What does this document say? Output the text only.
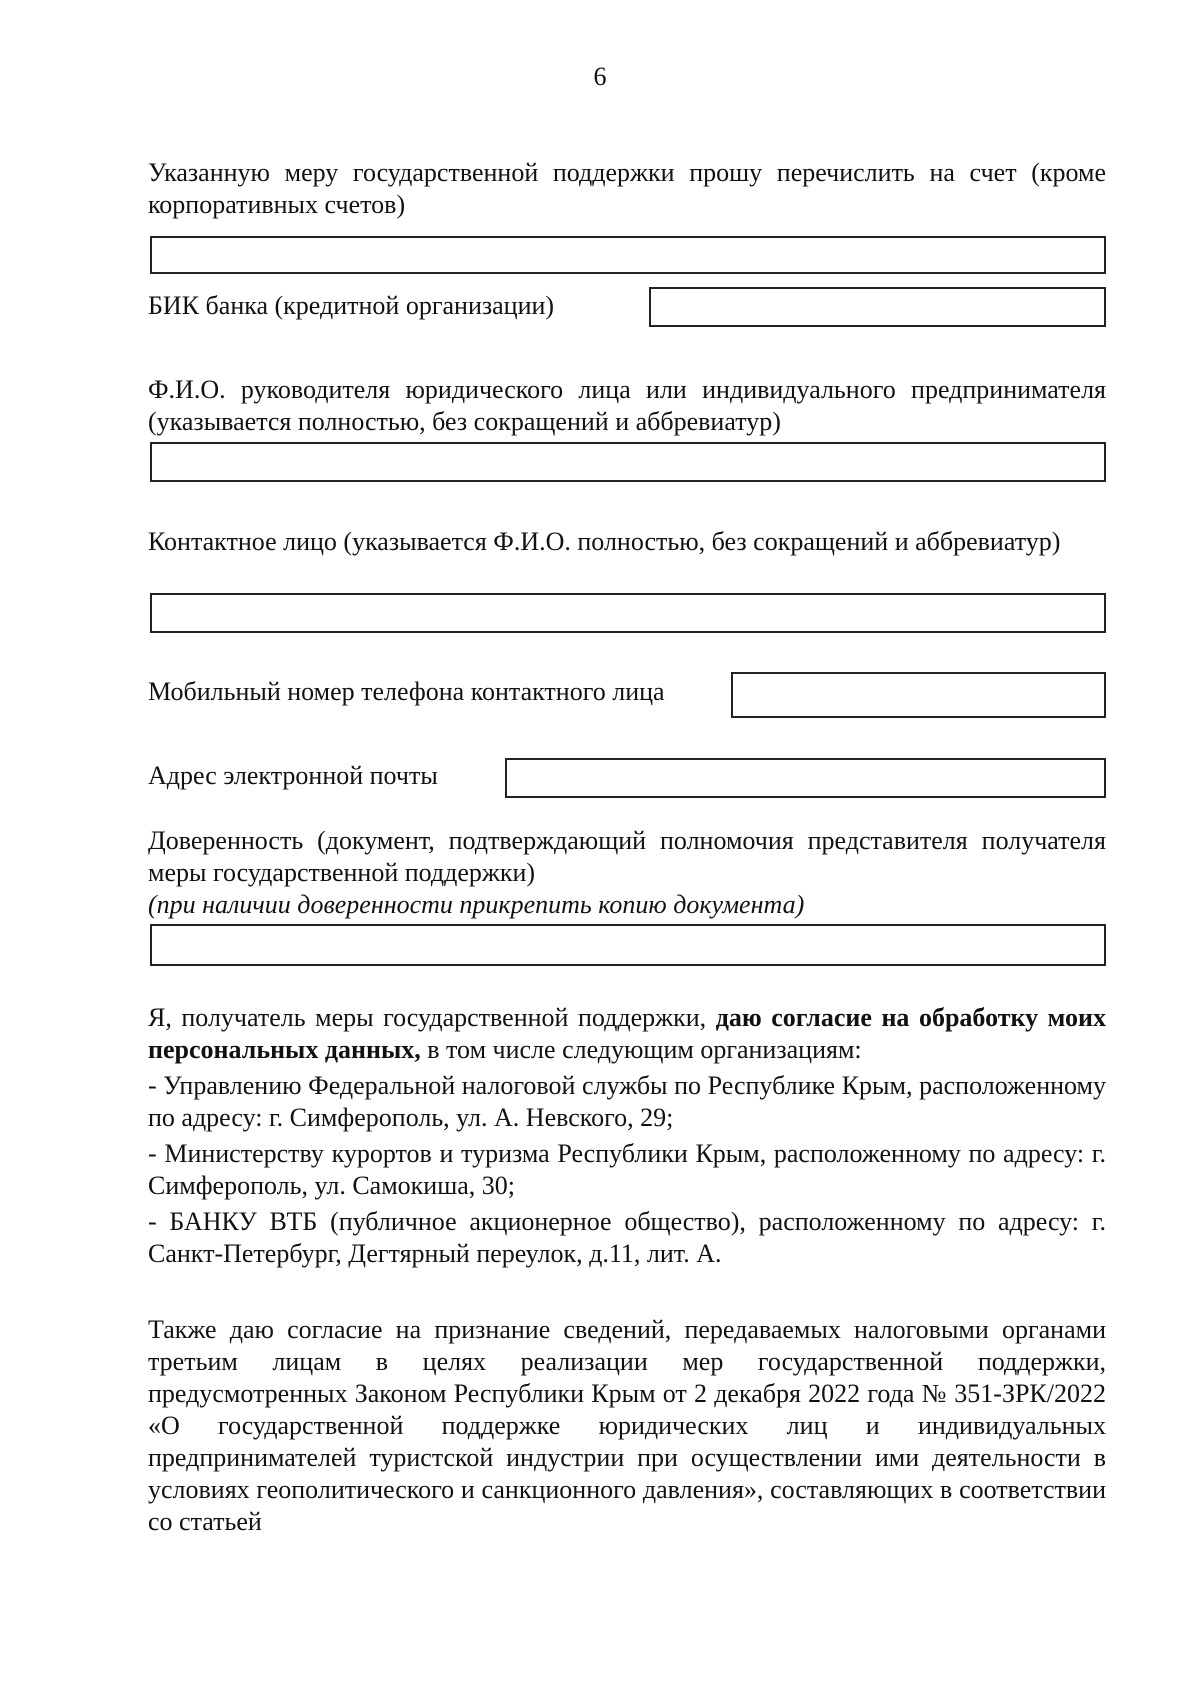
6
Указанную меру государственной поддержки прошу перечислить на счет (кроме корпоративных счетов)
БИК банка (кредитной организации)
Ф.И.О. руководителя юридического лица или индивидуального предпринимателя (указывается полностью, без сокращений и аббревиатур)
Контактное лицо (указывается Ф.И.О. полностью, без сокращений и аббревиатур)
Мобильный номер телефона контактного лица
Адрес электронной почты
Доверенность (документ, подтверждающий полномочия представителя получателя меры государственной поддержки)
(при наличии доверенности прикрепить копию документа)
Я, получатель меры государственной поддержки, даю согласие на обработку моих персональных данных, в том числе следующим организациям:
- Управлению Федеральной налоговой службы по Республике Крым, расположенному по адресу: г. Симферополь, ул. А. Невского, 29;
- Министерству курортов и туризма Республики Крым, расположенному по адресу: г. Симферополь, ул. Самокиша, 30;
- БАНКУ ВТБ (публичное акционерное общество), расположенному по адресу: г. Санкт-Петербург, Дегтярный переулок, д.11, лит. А.
Также даю согласие на признание сведений, передаваемых налоговыми органами третьим лицам в целях реализации мер государственной поддержки, предусмотренных Законом Республики Крым от 2 декабря 2022 года № 351-ЗРК/2022 «О государственной поддержке юридических лиц и индивидуальных предпринимателей туристской индустрии при осуществлении ими деятельности в условиях геополитического и санкционного давления», составляющих в соответствии со статьей
